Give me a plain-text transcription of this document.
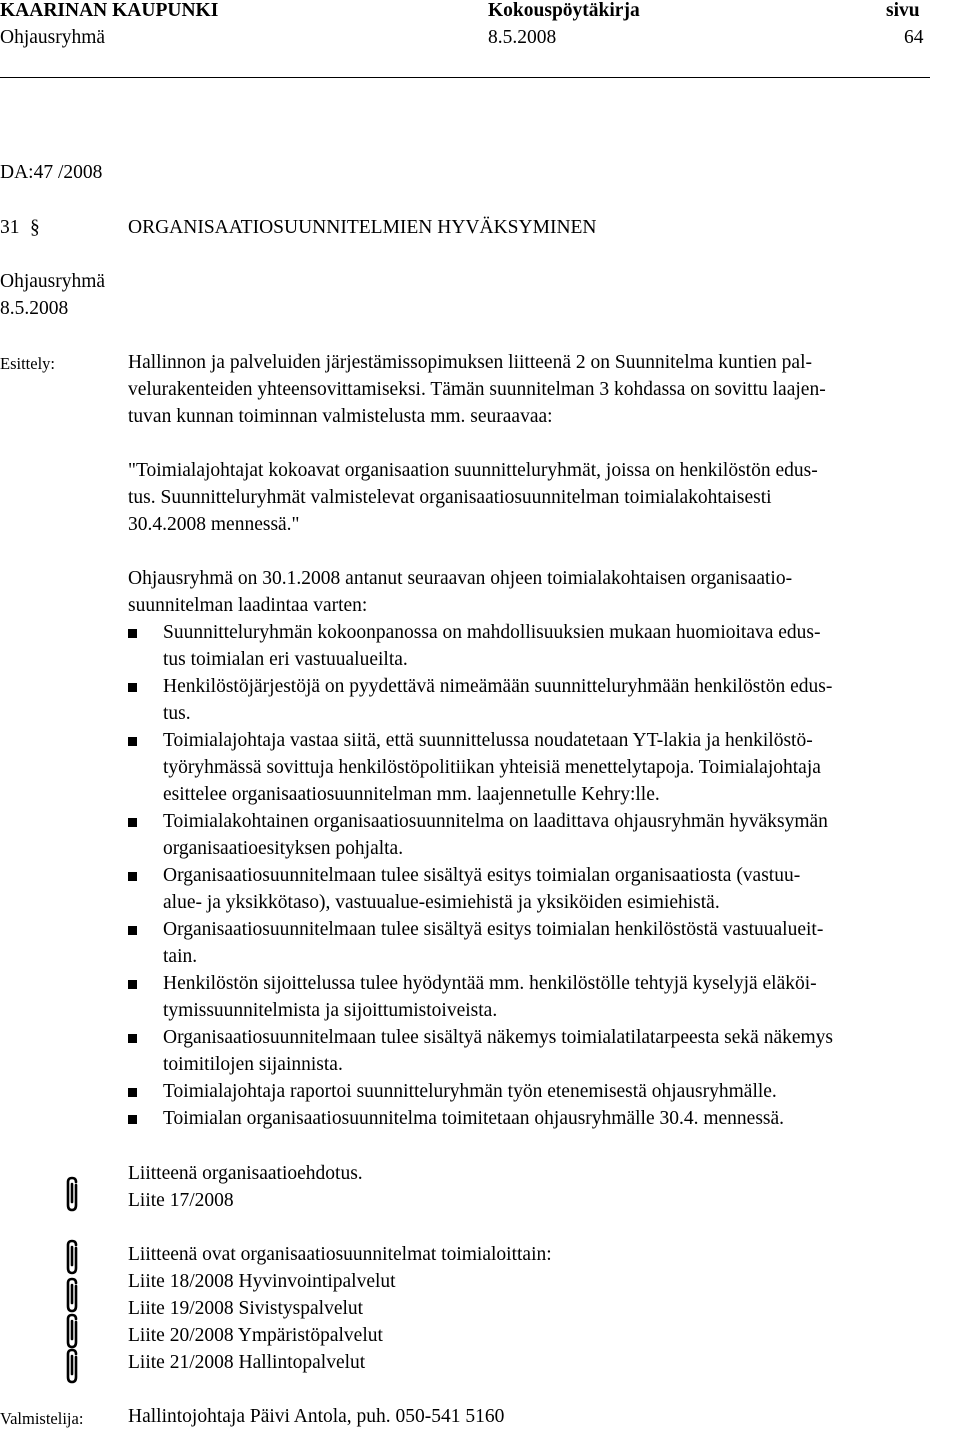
KAARINAN KAUPUNKI	Kokouspöytäkirja	sivu
Ohjausryhmä	8.5.2008	64
DA:47 /2008
31 §	ORGANISAATIOSUUNNITELMIEN HYVÄKSYMINEN
Ohjausryhmä
8.5.2008
Esittely:	Hallinnon ja palveluiden järjestämissopimuksen liitteenä 2 on Suunnitelma kuntien pal-
velurakenteiden yhteensovittamiseksi. Tämän suunnitelman 3 kohdassa on sovittu laajen-
tuvan kunnan toiminnan valmistelusta mm. seuraavaa:
"Toimialajohtajat kokoavat organisaation suunnitteluryhmät, joissa on henkilöstön edus-
tus. Suunnitteluryhmät valmistelevat organisaatiosuunnitelman toimialakohtaisesti
30.4.2008 mennessä."
Ohjausryhmä on 30.1.2008 antanut seuraavan ohjeen toimialakohtaisen organisaatio-
suunnitelman laadintaa varten:
Suunnitteluryhmän kokoonpanossa on mahdollisuuksien mukaan huomioitava edus-
tus toimialan eri vastuualueilta.
Henkilöstöjärjestöjä on pyydettävä nimeämään suunnitteluryhmään henkilöstön edus-
tus.
Toimialajohtaja vastaa siitä, että suunnittelussa noudatetaan YT-lakia ja henkilöstö-
työryhmässä sovittuja henkilöstöpolitiikan yhteisiä menettelytapoja. Toimialajohtaja
esittelee organisaatiosuunnitelman mm. laajennetulle Kehry:lle.
Toimialakohtainen organisaatiosuunnitelma on laadittava ohjausryhmän hyväksymän
organisaatioesityksen pohjalta.
Organisaatiosuunnitelmaan tulee sisältyä esitys toimialan organisaatiosta (vastuu-
alue- ja yksikkötaso), vastuualue-esimiehistä ja yksiköiden esimiehistä.
Organisaatiosuunnitelmaan tulee sisältyä esitys toimialan henkilöstöstä vastuualueit-
tain.
Henkilöstön sijoittelussa tulee hyödyntää mm. henkilöstölle tehtyjä kyselyjä eläköi-
tymissuunnitelmista ja sijoittumistoiveista.
Organisaatiosuunnitelmaan tulee sisältyä näkemys toimialatilatarpeesta sekä näkemys
toimitilojen sijainnista.
Toimialajohtaja raportoi suunnitteluryhmän työn etenemisestä ohjausryhmälle.
Toimialan organisaatiosuunnitelma toimitetaan ohjausryhmälle 30.4. mennessä.
Liitteenä organisaatioehdotus.
Liite 17/2008
Liitteenä ovat organisaatiosuunnitelmat toimialoittain:
Liite 18/2008 Hyvinvointipalvelut
Liite 19/2008 Sivistyspalvelut
Liite 20/2008 Ympäristöpalvelut
Liite 21/2008 Hallintopalvelut
Valmistelija: Hallintojohtaja Päivi Antola, puh. 050-541 5160
